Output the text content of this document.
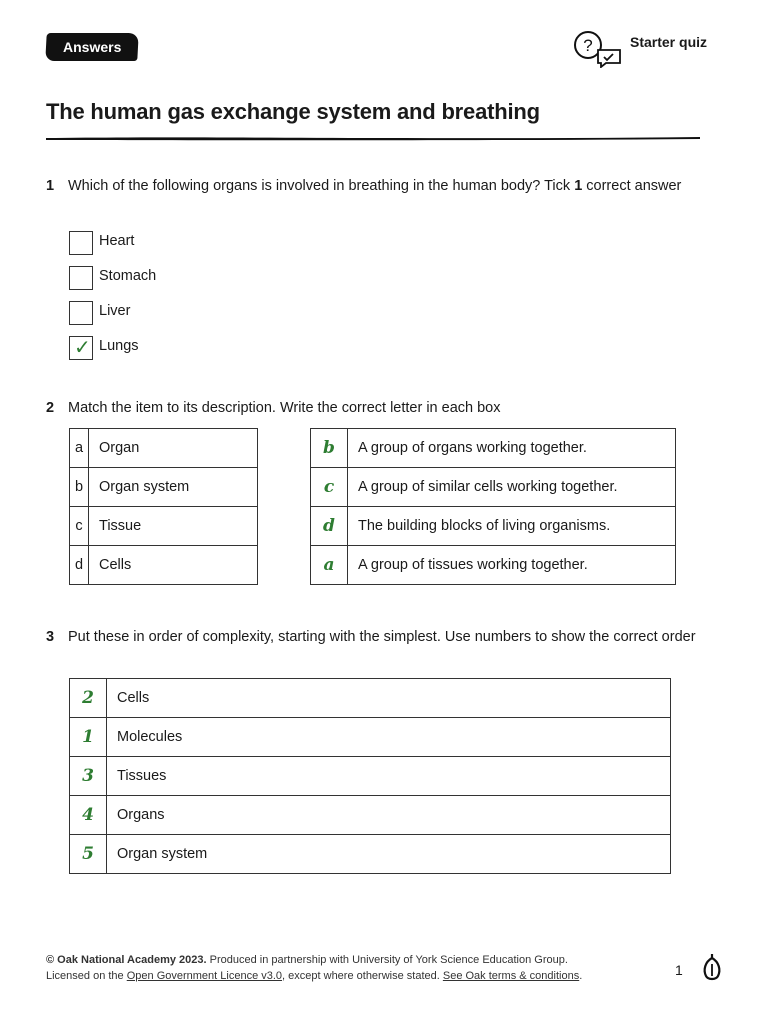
Answers	?	Starter quiz
The human gas exchange system and breathing
1 Which of the following organs is involved in breathing in the human body? Tick 1 correct answer
Heart
Stomach
Liver
✓ Lungs
2 Match the item to its description. Write the correct letter in each box
a	Organ
b	Organ system
c	Tissue
d	Cells
b	A group of organs working together.
c	A group of similar cells working together.
d	The building blocks of living organisms.
a	A group of tissues working together.
3 Put these in order of complexity, starting with the simplest. Use numbers to show the correct order
2	Cells
1	Molecules
3	Tissues
4	Organs
5	Organ system
© Oak National Academy 2023. Produced in partnership with University of York Science Education Group.
Licensed on the Open Government Licence v3.0, except where otherwise stated. See Oak terms & conditions.	1
